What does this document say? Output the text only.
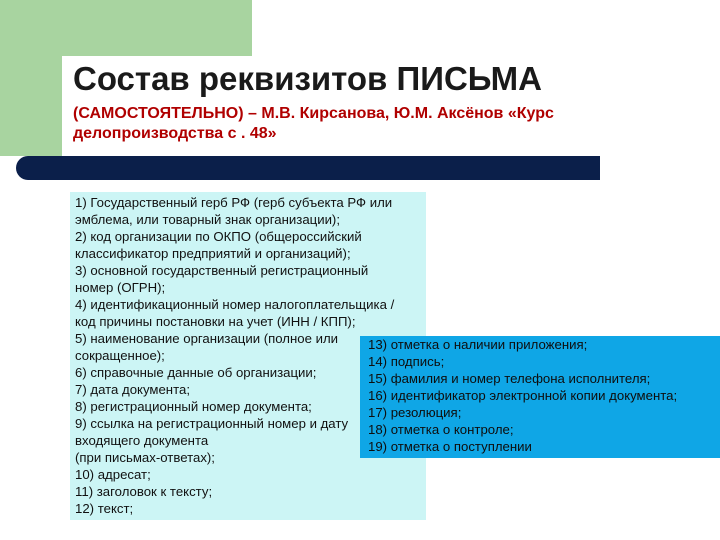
Состав реквизитов ПИСЬМА

(САМОСТОЯТЕЛЬНО) – М.В. Кирсанова, Ю.М. Аксёнов «Курс
делопроизводства с . 48»

1) Государственный герб РФ (герб субъекта РФ или
эмблема, или товарный знак организации);
2) код организации по ОКПО (общероссийский
классификатор предприятий и организаций);
3) основной государственный регистрационный
номер (ОГРН);
4) идентификационный номер налогоплательщика /
код причины постановки на учет (ИНН / КПП);
5) наименование организации (полное или
сокращенное);
6) справочные данные об организации;
7) дата документа;
8) регистрационный номер документа;
9) ссылка на регистрационный номер и дату
входящего документа
(при письмах-ответах);
10) адресат;
11) заголовок к тексту;
12) текст;
13) отметка о наличии приложения;
14) подпись;
15) фамилия и номер телефона исполнителя;
16) идентификатор электронной копии документа;
17) резолюция;
18) отметка о контроле;
19) отметка о поступлении
